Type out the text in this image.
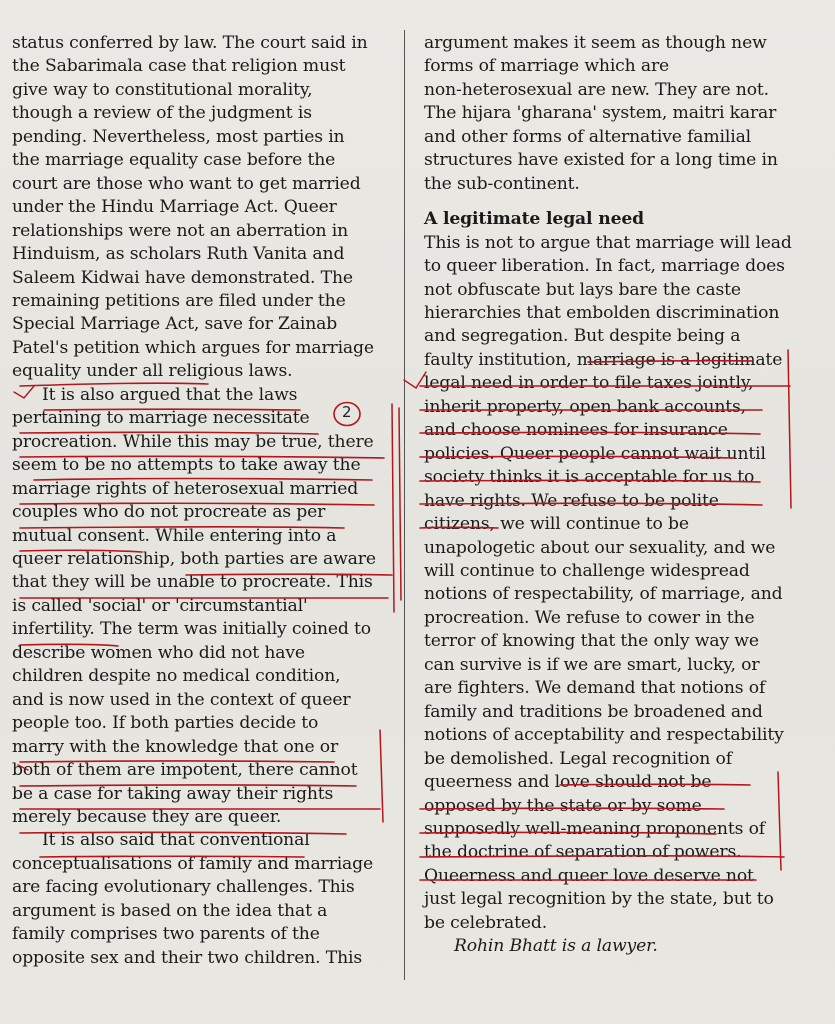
status conferred by law. The court said in
the Sabarimala case that religion must
give way to constitutional morality,
though a review of the judgment is
pending. Nevertheless, most parties in
the marriage equality case before the
court are those who want to get married
under the Hindu Marriage Act. Queer
relationships were not an aberration in
Hinduism, as scholars Ruth Vanita and
Saleem Kidwai have demonstrated. The
remaining petitions are filed under the
Special Marriage Act, save for Zainab
Patel's petition which argues for marriage
equality under all religious laws.
It is also argued that the laws
pertaining to marriage necessitate
procreation. While this may be true, there
seem to be no attempts to take away the
marriage rights of heterosexual married
couples who do not procreate as per
mutual consent. While entering into a
queer relationship, both parties are aware
that they will be unable to procreate. This
is called 'social' or 'circumstantial'
infertility. The term was initially coined to
describe women who did not have
children despite no medical condition,
and is now used in the context of queer
people too. If both parties decide to
marry with the knowledge that one or
both of them are impotent, there cannot
be a case for taking away their rights
merely because they are queer.
It is also said that conventional
conceptualisations of family and marriage
are facing evolutionary challenges. This
argument is based on the idea that a
family comprises two parents of the
opposite sex and their two children. This
argument makes it seem as though new
forms of marriage which are
non-heterosexual are new. They are not.
The hijara 'gharana' system, maitri karar
and other forms of alternative familial
structures have existed for a long time in
the sub-continent.
A legitimate legal need
This is not to argue that marriage will lead
to queer liberation. In fact, marriage does
not obfuscate but lays bare the caste
hierarchies that embolden discrimination
and segregation. But despite being a
faulty institution, marriage is a legitimate
legal need in order to file taxes jointly,
inherit property, open bank accounts,
and choose nominees for insurance
policies. Queer people cannot wait until
society thinks it is acceptable for us to
have rights. We refuse to be polite
citizens, we will continue to be
unapologetic about our sexuality, and we
will continue to challenge widespread
notions of respectability, of marriage, and
procreation. We refuse to cower in the
terror of knowing that the only way we
can survive is if we are smart, lucky, or
are fighters. We demand that notions of
family and traditions be broadened and
notions of acceptability and respectability
be demolished. Legal recognition of
queerness and love should not be
opposed by the state or by some
supposedly well-meaning proponents of
the doctrine of separation of powers.
Queerness and queer love deserve not
just legal recognition by the state, but to
be celebrated.
Rohin Bhatt is a lawyer.
2
